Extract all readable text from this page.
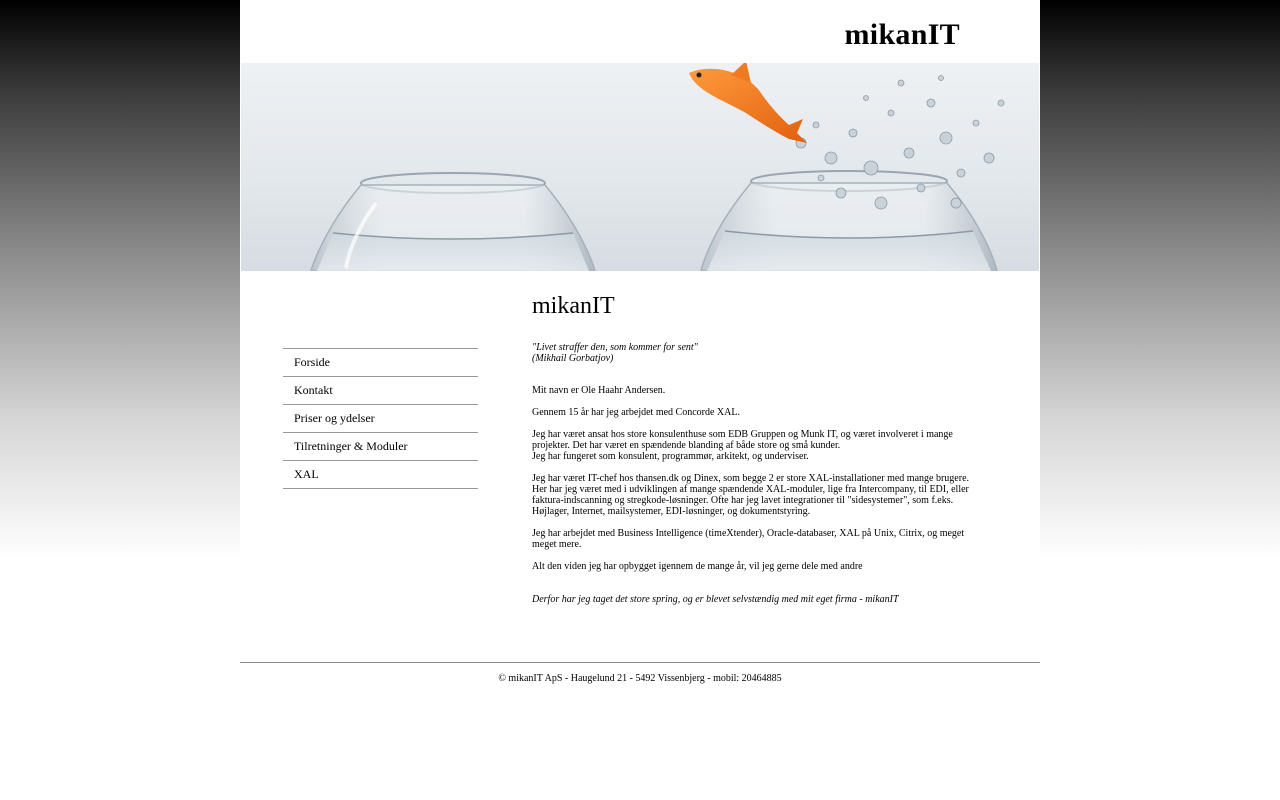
mikanIT
Forside
Kontakt
Priser og ydelser
Tilretninger & Moduler
XAL
mikanIT
"Livet straffer den, som kommer for sent"
(Mikhail Gorbatjov)

Mit navn er Ole Haahr Andersen.

Gennem 15 år har jeg arbejdet med Concorde XAL.

Jeg har været ansat hos store konsulenthuse som EDB Gruppen og Munk IT, og været involveret i mange projekter. Det har været en spændende blanding af både store og små kunder.

Jeg har fungeret som konsulent, programmør, arkitekt, og underviser.

Jeg har været IT-chef hos thansen.dk og Dinex, som begge 2 er store XAL-installationer med mange brugere. Her har jeg været med i udviklingen af mange spændende XAL-moduler, lige fra Intercompany, til EDI, eller faktura-indscanning og stregkode-løsninger. Ofte har jeg lavet integrationer til "sidesystemer", som f.eks. Højlager, Internet, mailsystemer, EDI-løsninger, og dokumentstyring.

Jeg har arbejdet med Business Intelligence (timeXtender), Oracle-databaser, XAL på Unix, Citrix, og meget meget mere.

Alt den viden jeg har opbygget igennem de mange år, vil jeg gerne dele med andre

Derfor har jeg taget det store spring, og er blevet selvstændig med mit eget firma - mikanIT

© mikanIT ApS - Haugelund 21 - 5492 Vissenbjerg - mobil: 20464885
